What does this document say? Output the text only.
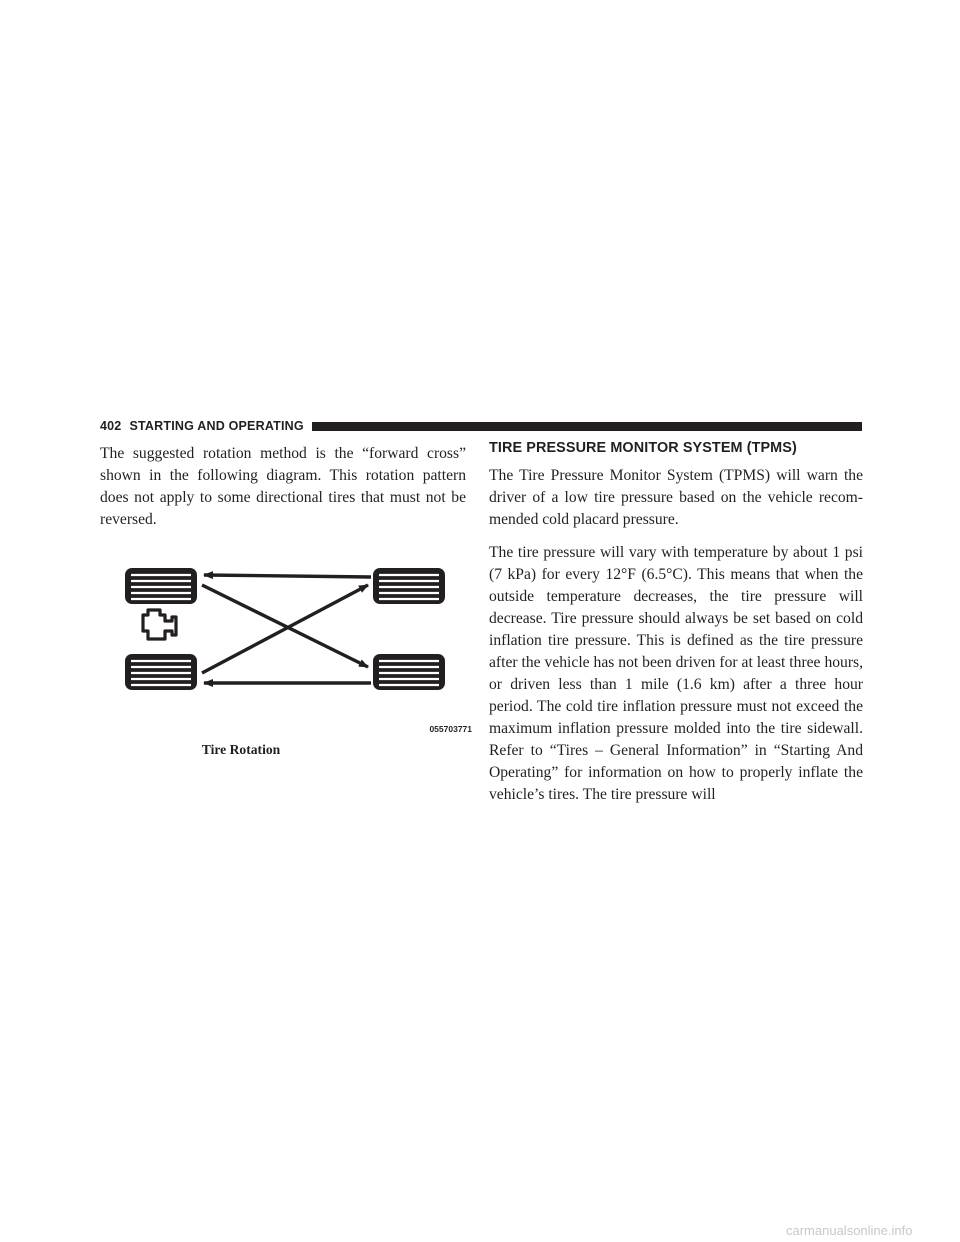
402 STARTING AND OPERATING

The suggested rotation method is the “forward cross” shown in the following diagram. This rotation pattern does not apply to some directional tires that must not be reversed.

055703771
Tire Rotation
TIRE PRESSURE MONITOR SYSTEM (TPMS)

The Tire Pressure Monitor System (TPMS) will warn the driver of a low tire pressure based on the vehicle recommended cold placard pressure.

The tire pressure will vary with temperature by about 1 psi (7 kPa) for every 12°F (6.5°C). This means that when the outside temperature decreases, the tire pressure will decrease. Tire pressure should always be set based on cold inflation tire pressure. This is defined as the tire pressure after the vehicle has not been driven for at least three hours, or driven less than 1 mile (1.6 km) after a three hour period. The cold tire inflation pressure must not exceed the maximum inflation pressure molded into the tire sidewall. Refer to “Tires – General Information” in “Starting And Operating” for information on how to properly inflate the vehicle’s tires. The tire pressure will

carmanualsonline.info
